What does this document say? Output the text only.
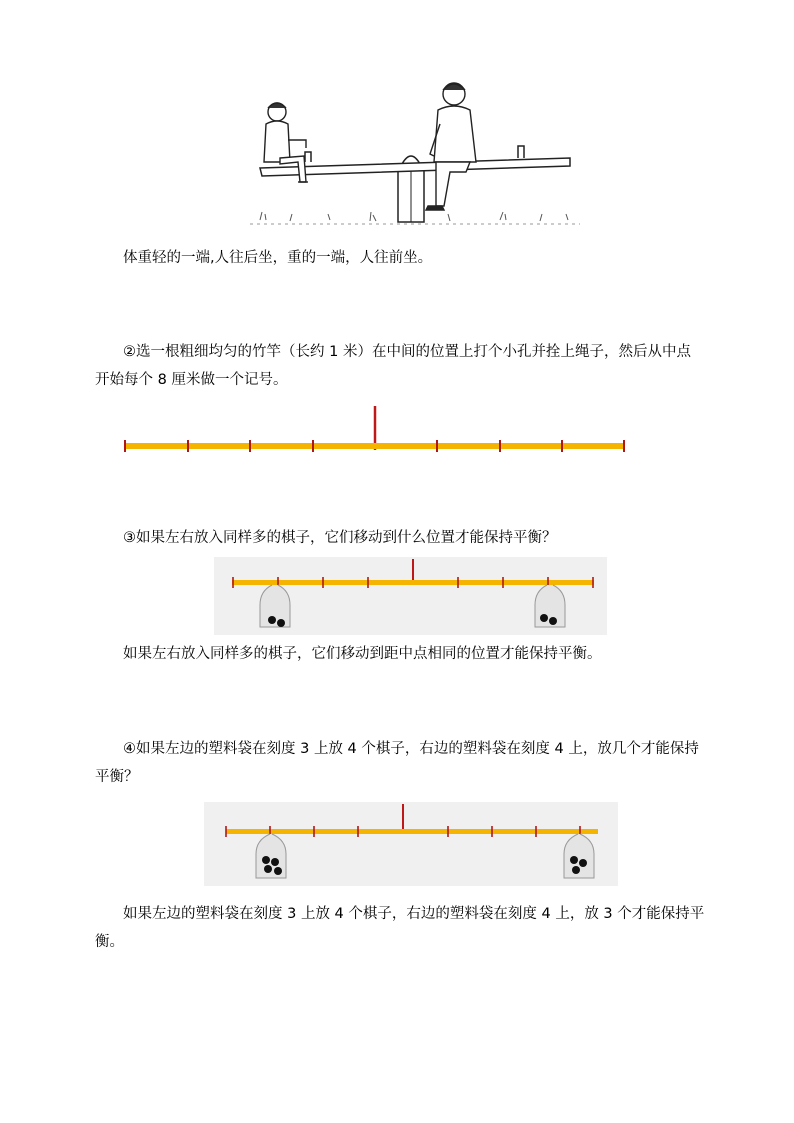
体重轻的一端,人往后坐，重的一端，人往前坐。
②选一根粗细均匀的竹竿（长约 1 米）在中间的位置上打个小孔并拴上绳子，然后从中点开始每个 8 厘米做一个记号。
③如果左右放入同样多的棋子，它们移动到什么位置才能保持平衡？
如果左右放入同样多的棋子，它们移动到距中点相同的位置才能保持平衡。
④如果左边的塑料袋在刻度 3 上放 4 个棋子，右边的塑料袋在刻度 4 上，放几个才能保持平衡？
如果左边的塑料袋在刻度 3 上放 4 个棋子，右边的塑料袋在刻度 4 上，放 3 个才能保持平衡。
